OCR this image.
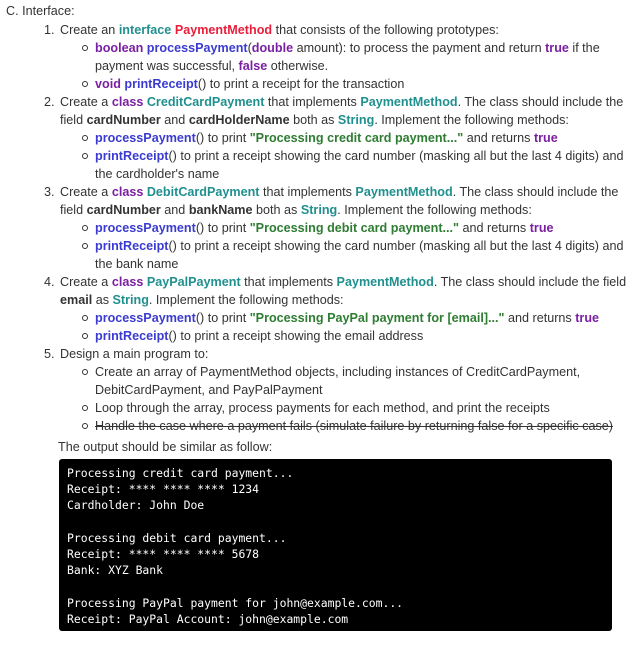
C. Interface:
1. Create an interface PaymentMethod that consists of the following prototypes:
boolean processPayment(double amount): to process the payment and return true if the payment was successful, false otherwise.
void printReceipt() to print a receipt for the transaction
2. Create a class CreditCardPayment that implements PaymentMethod. The class should include the field cardNumber and cardHolderName both as String. Implement the following methods:
processPayment() to print "Processing credit card payment..." and returns true
printReceipt() to print a receipt showing the card number (masking all but the last 4 digits) and the cardholder's name
3. Create a class DebitCardPayment that implements PaymentMethod. The class should include the field cardNumber and bankName both as String. Implement the following methods:
processPayment() to print "Processing debit card payment..." and returns true
printReceipt() to print a receipt showing the card number (masking all but the last 4 digits) and the bank name
4. Create a class PayPalPayment that implements PaymentMethod. The class should include the field email as String. Implement the following methods:
processPayment() to print "Processing PayPal payment for [email]..." and returns true
printReceipt() to print a receipt showing the email address
5. Design a main program to:
Create an array of PaymentMethod objects, including instances of CreditCardPayment, DebitCardPayment, and PayPalPayment
Loop through the array, process payments for each method, and print the receipts
Handle the case where a payment fails (simulate failure by returning false for a specific case)
The output should be similar as follow:
Processing credit card payment...
Receipt: **** **** **** 1234
Cardholder: John Doe
Processing debit card payment...
Receipt: **** **** **** 5678
Bank: XYZ Bank
Processing PayPal payment for john@example.com...
Receipt: PayPal Account: john@example.com
